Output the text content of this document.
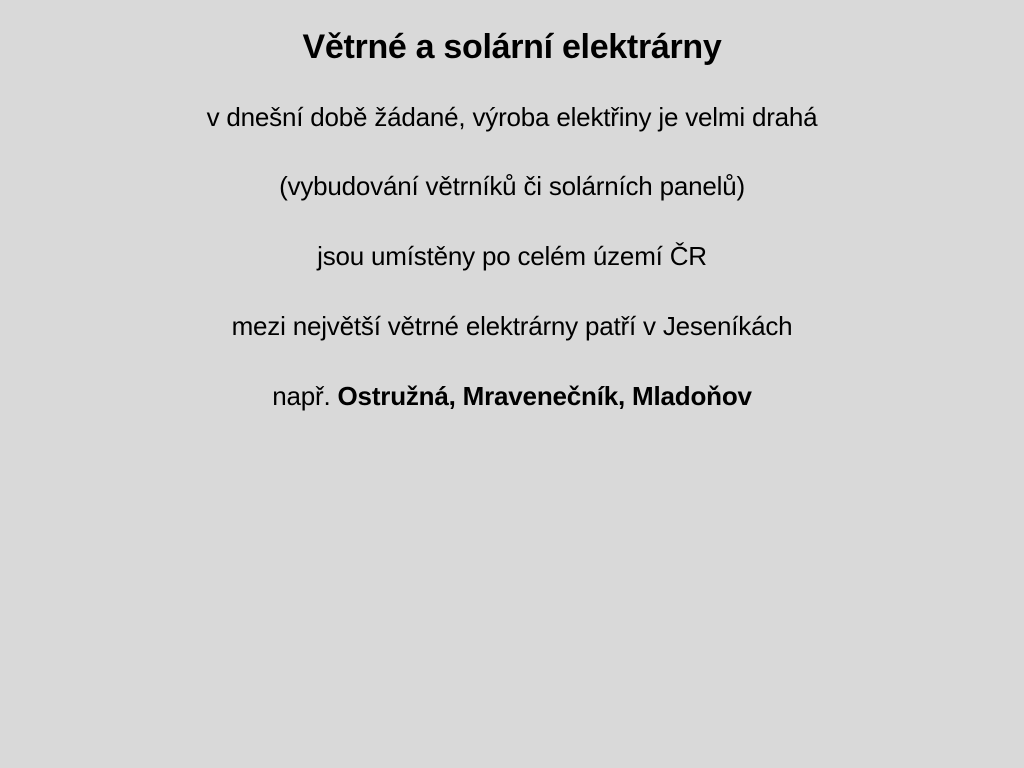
Větrné a solární elektrárny

v dnešní době žádané, výroba elektřiny je velmi drahá

(vybudování větrníků či solárních panelů)

jsou umístěny po celém území ČR

mezi největší větrné elektrárny patří v Jeseníkách

např. Ostružná, Mravenečník, Mladoňov
